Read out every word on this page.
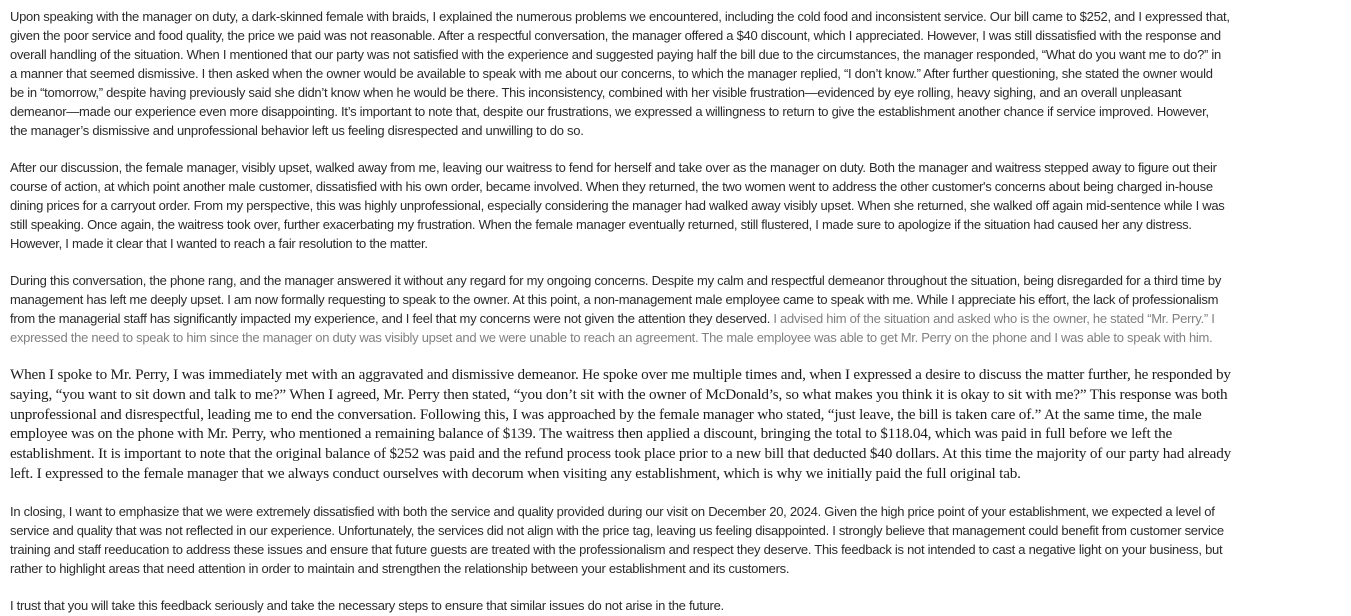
Upon speaking with the manager on duty, a dark-skinned female with braids, I explained the numerous problems we encountered, including the cold food and inconsistent service. Our bill came to $252, and I expressed that,
given the poor service and food quality, the price we paid was not reasonable. After a respectful conversation, the manager offered a $40 discount, which I appreciated. However, I was still dissatisfied with the response and
overall handling of the situation. When I mentioned that our party was not satisfied with the experience and suggested paying half the bill due to the circumstances, the manager responded, “What do you want me to do?” in
a manner that seemed dismissive. I then asked when the owner would be available to speak with me about our concerns, to which the manager replied, “I don’t know.” After further questioning, she stated the owner would
be in “tomorrow,” despite having previously said she didn’t know when he would be there. This inconsistency, combined with her visible frustration—evidenced by eye rolling, heavy sighing, and an overall unpleasant
demeanor—made our experience even more disappointing. It’s important to note that, despite our frustrations, we expressed a willingness to return to give the establishment another chance if service improved. However,
the manager’s dismissive and unprofessional behavior left us feeling disrespected and unwilling to do so.
After our discussion, the female manager, visibly upset, walked away from me, leaving our waitress to fend for herself and take over as the manager on duty. Both the manager and waitress stepped away to figure out their
course of action, at which point another male customer, dissatisfied with his own order, became involved. When they returned, the two women went to address the other customer's concerns about being charged in-house
dining prices for a carryout order. From my perspective, this was highly unprofessional, especially considering the manager had walked away visibly upset. When she returned, she walked off again mid-sentence while I was
still speaking. Once again, the waitress took over, further exacerbating my frustration. When the female manager eventually returned, still flustered, I made sure to apologize if the situation had caused her any distress.
However, I made it clear that I wanted to reach a fair resolution to the matter.
During this conversation, the phone rang, and the manager answered it without any regard for my ongoing concerns. Despite my calm and respectful demeanor throughout the situation, being disregarded for a third time by
management has left me deeply upset. I am now formally requesting to speak to the owner. At this point, a non-management male employee came to speak with me. While I appreciate his effort, the lack of professionalism
from the managerial staff has significantly impacted my experience, and I feel that my concerns were not given the attention they deserved. I advised him of the situation and asked who is the owner, he stated “Mr. Perry.” I
expressed the need to speak to him since the manager on duty was visibly upset and we were unable to reach an agreement. The male employee was able to get Mr. Perry on the phone and I was able to speak with him.
When I spoke to Mr. Perry, I was immediately met with an aggravated and dismissive demeanor. He spoke over me multiple times and, when I expressed a desire to discuss the matter further, he responded by
saying, “you want to sit down and talk to me?” When I agreed, Mr. Perry then stated, “you don’t sit with the owner of McDonald’s, so what makes you think it is okay to sit with me?” This response was both
unprofessional and disrespectful, leading me to end the conversation. Following this, I was approached by the female manager who stated, “just leave, the bill is taken care of.” At the same time, the male
employee was on the phone with Mr. Perry, who mentioned a remaining balance of $139. The waitress then applied a discount, bringing the total to $118.04, which was paid in full before we left the
establishment. It is important to note that the original balance of $252 was paid and the refund process took place prior to a new bill that deducted $40 dollars. At this time the majority of our party had already
left. I expressed to the female manager that we always conduct ourselves with decorum when visiting any establishment, which is why we initially paid the full original tab.
In closing, I want to emphasize that we were extremely dissatisfied with both the service and quality provided during our visit on December 20, 2024. Given the high price point of your establishment, we expected a level of
service and quality that was not reflected in our experience. Unfortunately, the services did not align with the price tag, leaving us feeling disappointed. I strongly believe that management could benefit from customer service
training and staff reeducation to address these issues and ensure that future guests are treated with the professionalism and respect they deserve. This feedback is not intended to cast a negative light on your business, but
rather to highlight areas that need attention in order to maintain and strengthen the relationship between your establishment and its customers.
I trust that you will take this feedback seriously and take the necessary steps to ensure that similar issues do not arise in the future.
